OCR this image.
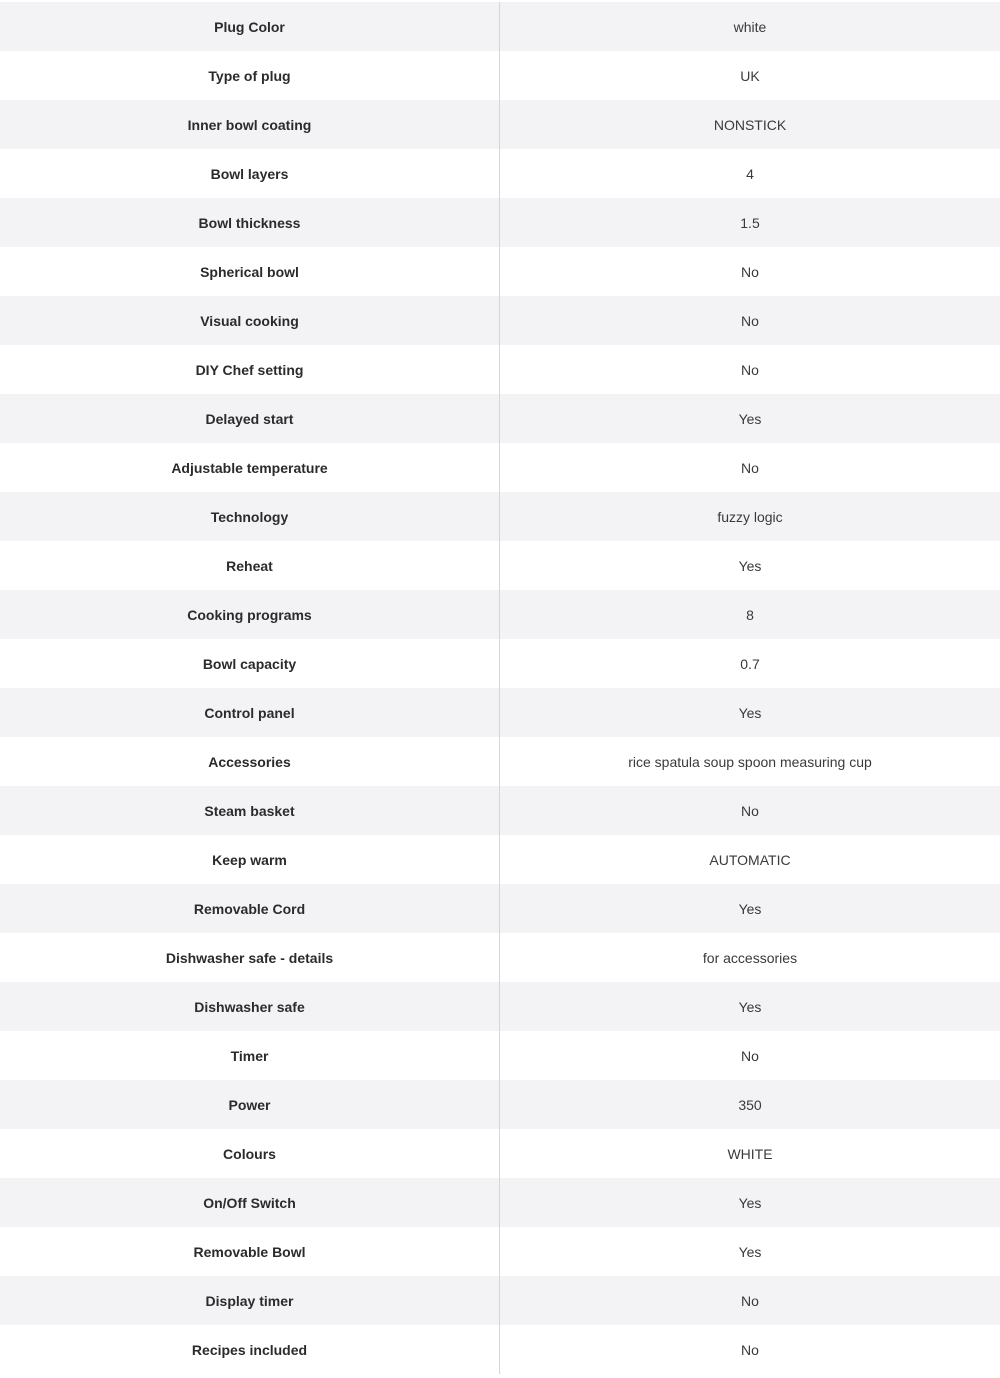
Plug Color	white
Type of plug	UK
Inner bowl coating	NONSTICK
Bowl layers	4
Bowl thickness	1.5
Spherical bowl	No
Visual cooking	No
DIY Chef setting	No
Delayed start	Yes
Adjustable temperature	No
Technology	fuzzy logic
Reheat	Yes
Cooking programs	8
Bowl capacity	0.7
Control panel	Yes
Accessories	rice spatula soup spoon measuring cup
Steam basket	No
Keep warm	AUTOMATIC
Removable Cord	Yes
Dishwasher safe - details	for accessories
Dishwasher safe	Yes
Timer	No
Power	350
Colours	WHITE
On/Off Switch	Yes
Removable Bowl	Yes
Display timer	No
Recipes included	No
